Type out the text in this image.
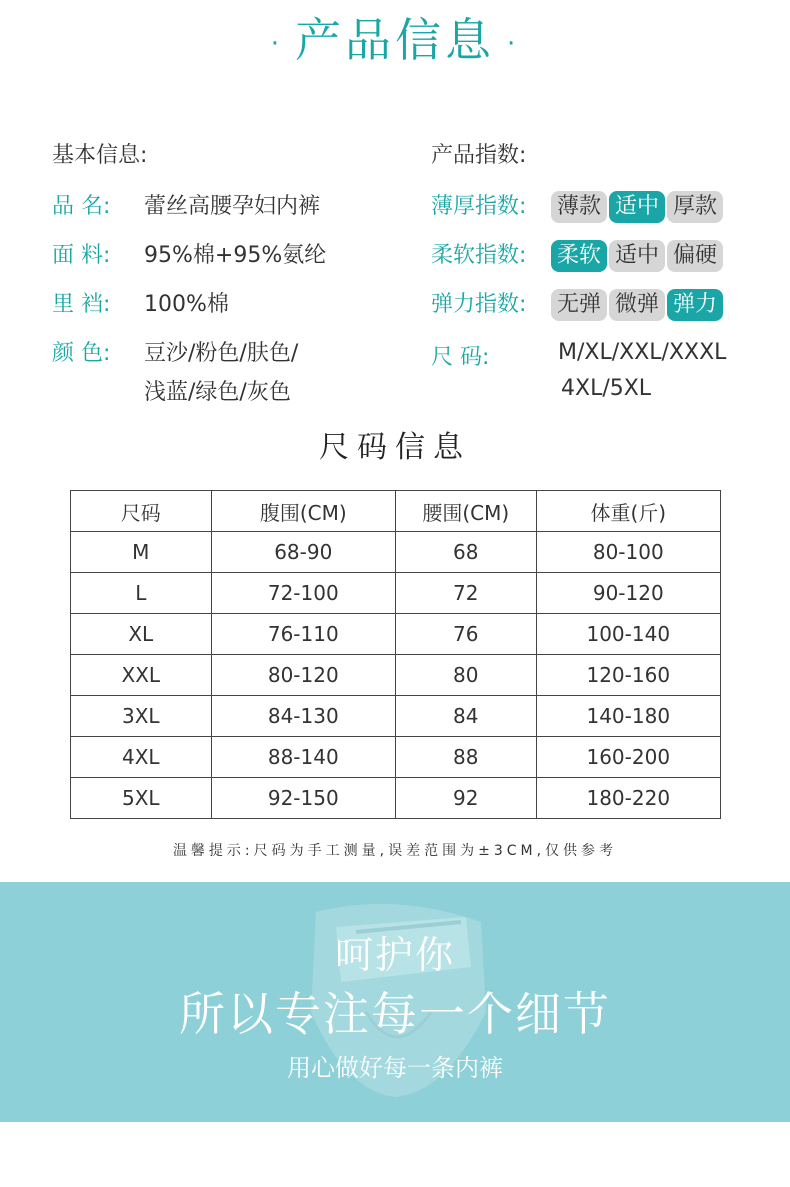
· 产品信息 ·
基本信息:	产品指数:
品 名: 蕾丝高腰孕妇内裤
面 料: 95%棉+95%氨纶
里 裆: 100%棉
颜 色: 豆沙/粉色/肤色/
浅蓝/绿色/灰色
薄厚指数: 薄款 适中 厚款
柔软指数: 柔软 适中 偏硬
弹力指数: 无弹 微弹 弹力
尺 码:	M/XL/XXL/XXXL
4XL/5XL
尺码信息
尺码	腹围(CM)	腰围(CM)	体重(斤)
M	68-90	68	80-100
L	72-100	72	90-120
XL	76-110	76	100-140
XXL	80-120	80	120-160
3XL	84-130	84	140-180
4XL	88-140	88	160-200
5XL	92-150	92	180-220
温馨提示:尺码为手工测量,误差范围为±3CM,仅供参考
呵护你
所以专注每一个细节
用心做好每一条内裤
